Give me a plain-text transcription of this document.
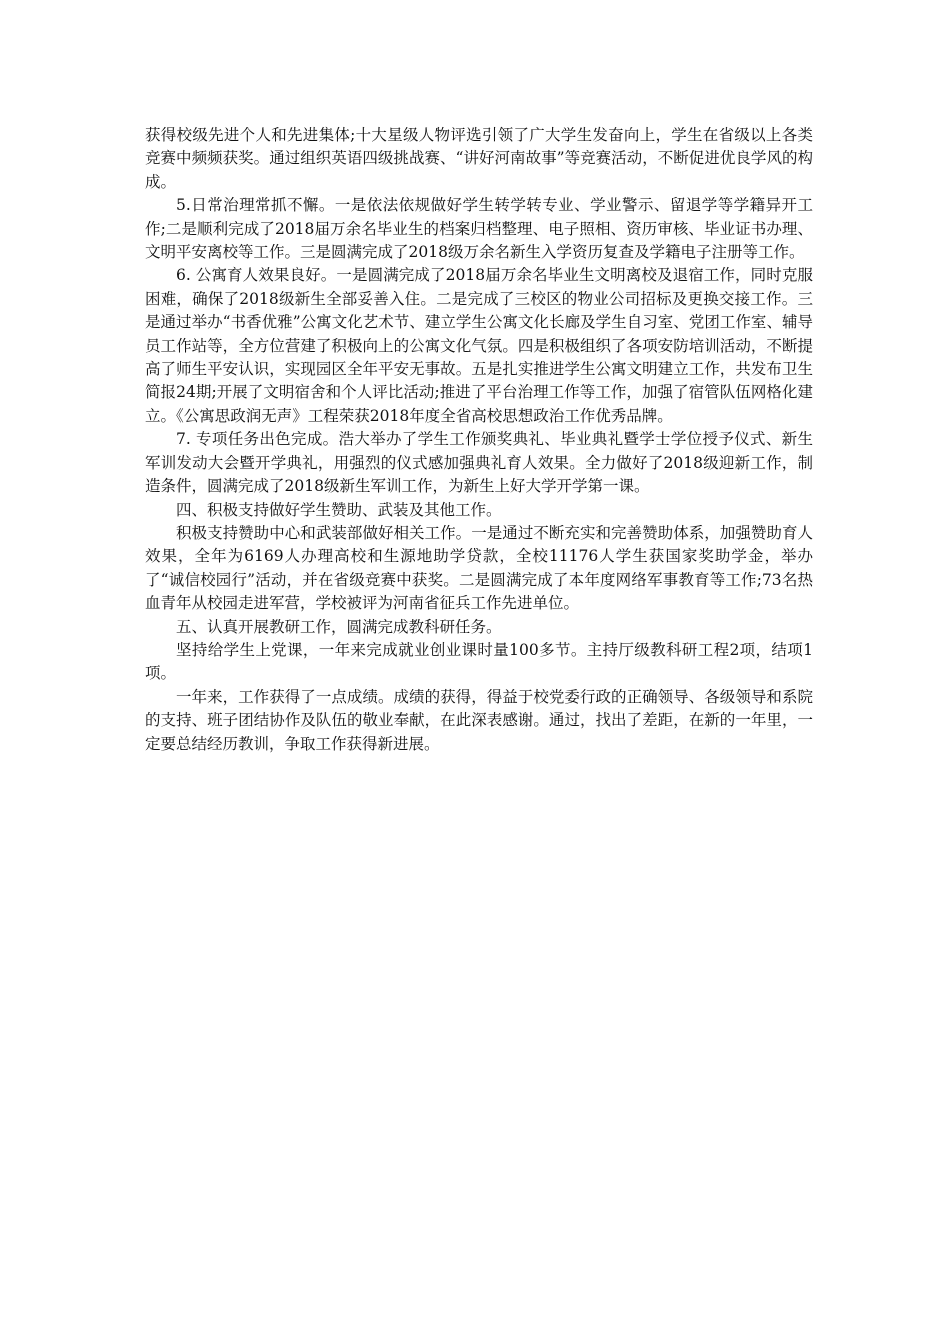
获得校级先进个人和先进集体;十大星级人物评选引领了广大学生发奋向上，学生在省级以上各类竞赛中频频获奖。通过组织英语四级挑战赛、“讲好河南故事”等竞赛活动，不断促进优良学风的构成。

5.日常治理常抓不懈。一是依法依规做好学生转学转专业、学业警示、留退学等学籍异开工作;二是顺利完成了2018届万余名毕业生的档案归档整理、电子照相、资历审核、毕业证书办理、文明平安离校等工作。三是圆满完成了2018级万余名新生入学资历复查及学籍电子注册等工作。

6. 公寓育人效果良好。一是圆满完成了2018届万余名毕业生文明离校及退宿工作，同时克服困难，确保了2018级新生全部妥善入住。二是完成了三校区的物业公司招标及更换交接工作。三是通过举办“书香优雅”公寓文化艺术节、建立学生公寓文化长廊及学生自习室、党团工作室、辅导员工作站等，全方位营建了积极向上的公寓文化气氛。四是积极组织了各项安防培训活动，不断提高了师生平安认识，实现园区全年平安无事故。五是扎实推进学生公寓文明建立工作，共发布卫生简报24期;开展了文明宿舍和个人评比活动;推进了平台治理工作等工作，加强了宿管队伍网格化建立。《公寓思政润无声》工程荣获2018年度全省高校思想政治工作优秀品牌。

7. 专项任务出色完成。浩大举办了学生工作颁奖典礼、毕业典礼暨学士学位授予仪式、新生军训发动大会暨开学典礼，用强烈的仪式感加强典礼育人效果。全力做好了2018级迎新工作，制造条件，圆满完成了2018级新生军训工作，为新生上好大学开学第一课。

四、积极支持做好学生赞助、武装及其他工作。

积极支持赞助中心和武装部做好相关工作。一是通过不断充实和完善赞助体系，加强赞助育人效果，全年为6169人办理高校和生源地助学贷款，全校11176人学生获国家奖助学金，举办了“诚信校园行”活动，并在省级竞赛中获奖。二是圆满完成了本年度网络军事教育等工作;73名热血青年从校园走进军营，学校被评为河南省征兵工作先进单位。

五、认真开展教研工作，圆满完成教科研任务。

坚持给学生上党课，一年来完成就业创业课时量100多节。主持厅级教科研工程2项，结项1项。

一年来，工作获得了一点成绩。成绩的获得，得益于校党委行政的正确领导、各级领导和系院的支持、班子团结协作及队伍的敬业奉献，在此深表感谢。通过，找出了差距，在新的一年里，一定要总结经历教训，争取工作获得新进展。
